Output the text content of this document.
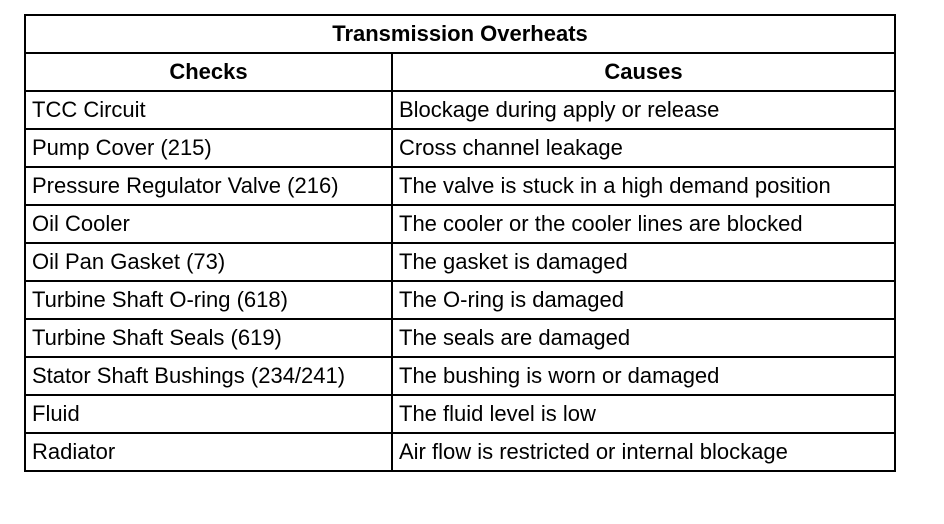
Transmission Overheats	
Checks	Causes
TCC Circuit	Blockage during apply or release
Pump Cover (215)	Cross channel leakage
Pressure Regulator Valve (216)	The valve is stuck in a high demand position
Oil Cooler	The cooler or the cooler lines are blocked
Oil Pan Gasket (73)	The gasket is damaged
Turbine Shaft O-ring (618)	The O-ring is damaged
Turbine Shaft Seals (619)	The seals are damaged
Stator Shaft Bushings (234/241)	The bushing is worn or damaged
Fluid	The fluid level is low
Radiator	Air flow is restricted or internal blockage
